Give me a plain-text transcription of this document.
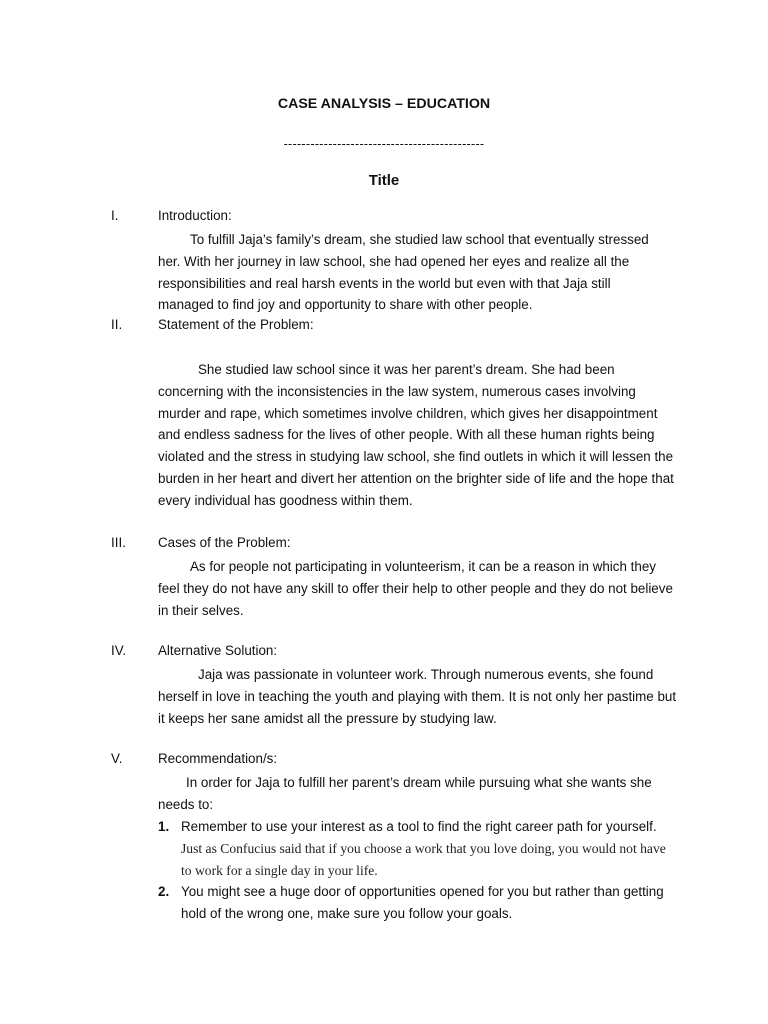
CASE ANALYSIS – EDUCATION
---------------------------------------------
Title
I.	Introduction:

To fulfill Jaja’s family’s dream, she studied law school that eventually stressed her. With her journey in law school, she had opened her eyes and realize all the responsibilities and real harsh events in the world but even with that Jaja still managed to find joy and opportunity to share with other people.

II.	Statement of the Problem:

She studied law school since it was her parent’s dream. She had been concerning with the inconsistencies in the law system, numerous cases involving murder and rape, which sometimes involve children, which gives her disappointment and endless sadness for the lives of other people. With all these human rights being violated and the stress in studying law school, she find outlets in which it will lessen the burden in her heart and divert her attention on the brighter side of life and the hope that every individual has goodness within them.

III. Cases of the Problem:

As for people not participating in volunteerism, it can be a reason in which they feel they do not have any skill to offer their help to other people and they do not believe in their selves.

IV. Alternative Solution:

Jaja was passionate in volunteer work. Through numerous events, she found herself in love in teaching the youth and playing with them. It is not only her pastime but it keeps her sane amidst all the pressure by studying law.

V.	Recommendation/s:

In order for Jaja to fulfill her parent’s dream while pursuing what she wants she needs to:

1. Remember to use your interest as a tool to find the right career path for yourself. Just as Confucius said that if you choose a work that you love doing, you would not have to work for a single day in your life.
2. You might see a huge door of opportunities opened for you but rather than getting hold of the wrong one, make sure you follow your goals.
